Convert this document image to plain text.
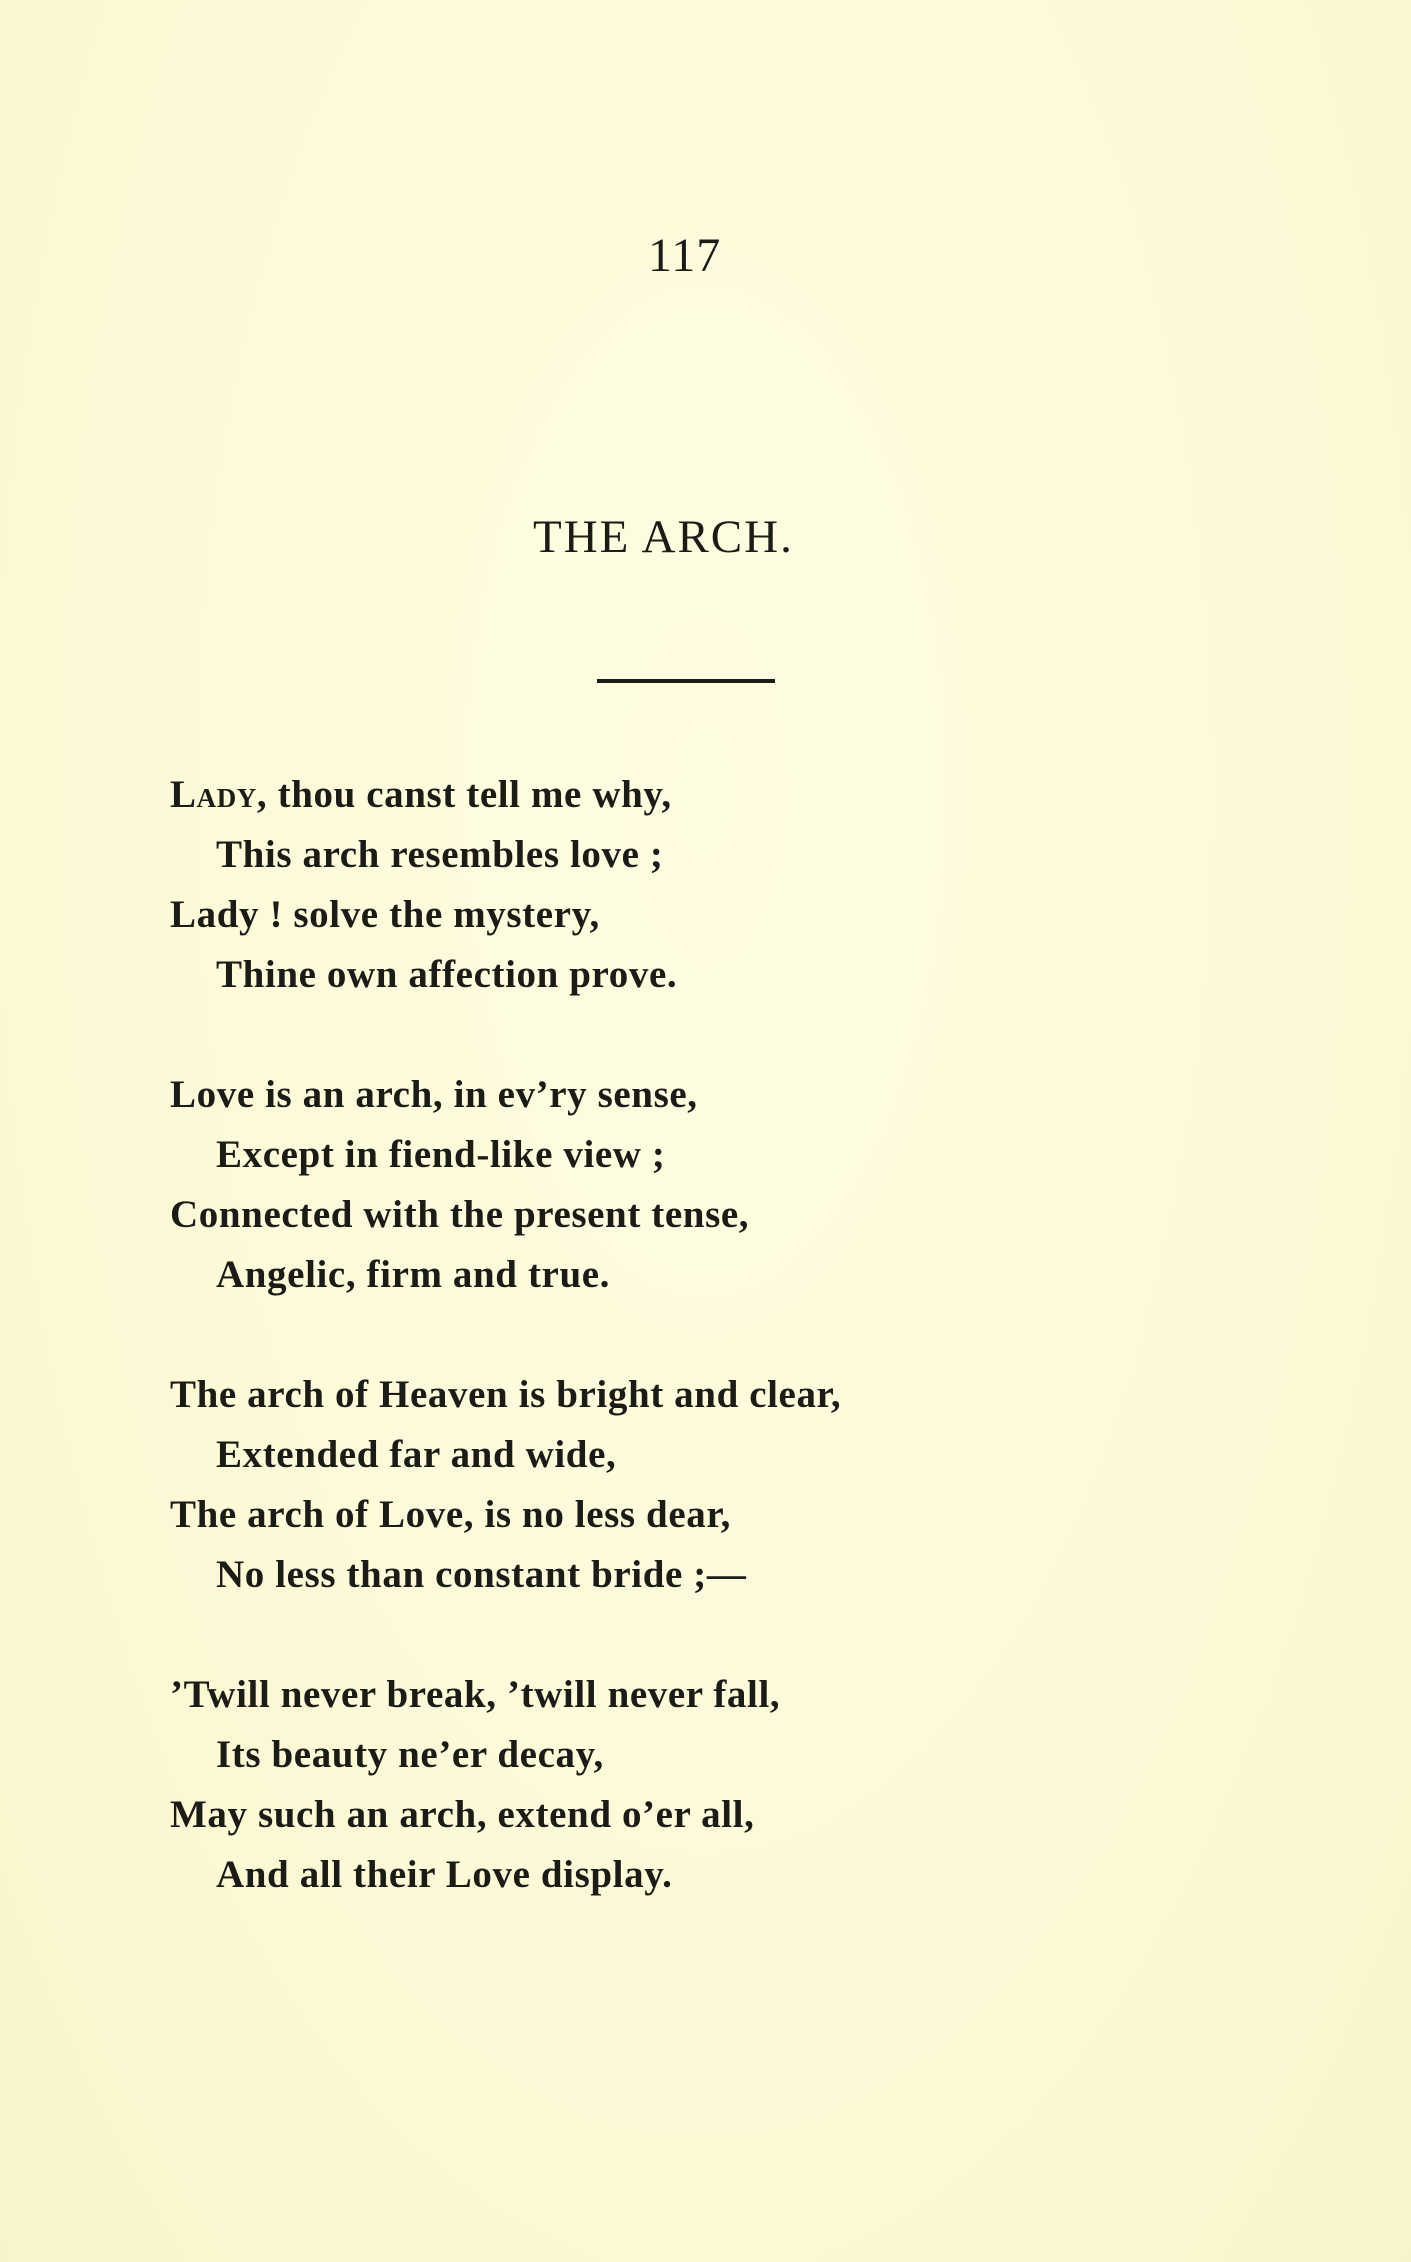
117
THE ARCH.
Lady, thou canst tell me why,
This arch resembles love ;
Lady ! solve the mystery,
Thine own affection prove.
Love is an arch, in ev’ry sense,
Except in fiend-like view ;
Connected with the present tense,
Angelic, firm and true.
The arch of Heaven is bright and clear,
Extended far and wide,
The arch of Love, is no less dear,
No less than constant bride ;—
’Twill never break, ’twill never fall,
Its beauty ne’er decay,
May such an arch, extend o’er all,
And all their Love display.
